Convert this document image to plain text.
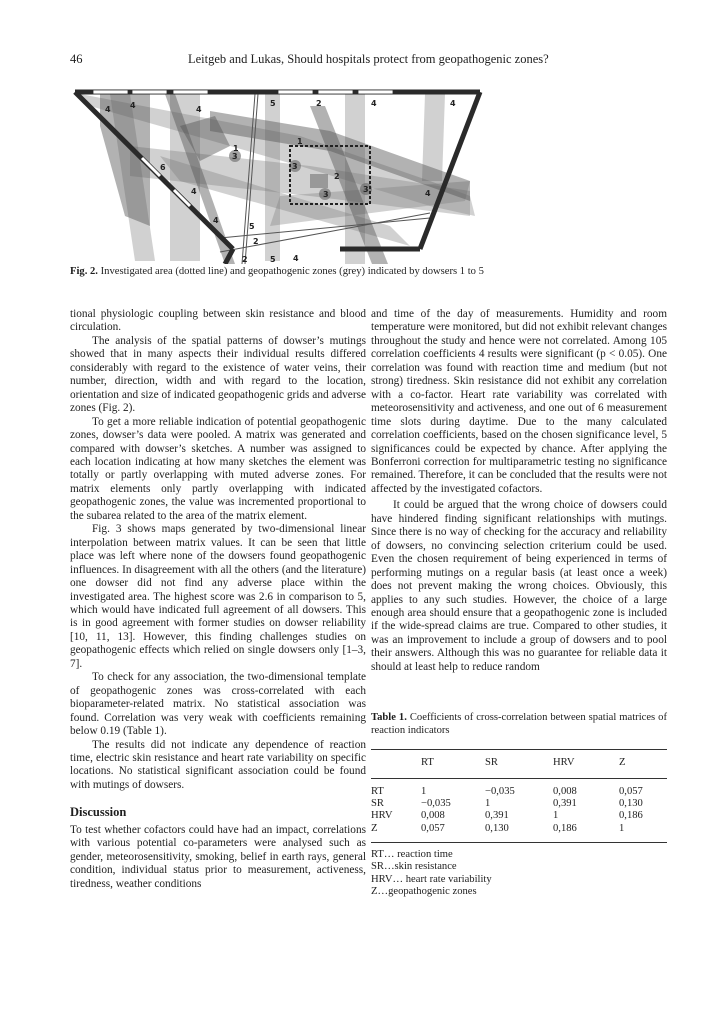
46	Leitgeb and Lukas, Should hospitals protect from geopathogenic zones?
4 4	4
5	2	4	4
1
3
1
3
2
3
3
6
4	4
4
5
2
2	5 4
Fig. 2. Investigated area (dotted line) and geopathogenic zones (grey) indicated by dowsers 1 to 5

tional physiologic coupling between skin resistance and blood circulation.

The analysis of the spatial patterns of dowser’s mutings showed that in many aspects their individual results differed considerably with regard to the existence of water veins, their number, direction, width and with regard to the location, orientation and size of indicated geopathogenic grids and adverse zones (Fig. 2).

To get a more reliable indication of potential geopathogenic zones, dowser’s data were pooled. A matrix was generated and compared with dowser’s sketches. A number was assigned to each location indicating at how many sketches the element was totally or partly overlapping with muted adverse zones. For matrix elements only partly overlapping with indicated geopathogenic zones, the value was incremented proportional to the subarea related to the area of the matrix element.

Fig. 3 shows maps generated by two-dimensional linear interpolation between matrix values. It can be seen that little place was left where none of the dowsers found geopathogenic influences. In disagreement with all the others (and the literature) one dowser did not find any adverse place within the investigated area. The highest score was 2.6 in comparison to 5, which would have indicated full agreement of all dowsers. This is in good agreement with former studies on dowser reliability [10, 11, 13]. However, this finding challenges studies on geopathogenic effects which relied on single dowsers only [1–3, 7].

To check for any association, the two-dimensional template of geopathogenic zones was cross-correlated with each bioparameter-related matrix. No statistical association was found. Correlation was very weak with coefficients remaining below 0.19 (Table 1).

The results did not indicate any dependence of reaction time, electric skin resistance and heart rate variability on specific locations. No statistical significant association could be found with mutings of dowsers.

Discussion

To test whether cofactors could have had an impact, correlations with various potential co-parameters were analysed such as gender, meteorosensitivity, smoking, belief in earth rays, general condition, individual status prior to measurement, activeness, tiredness, weather conditions

and time of the day of measurements. Humidity and room temperature were monitored, but did not exhibit relevant changes throughout the study and hence were not correlated. Among 105 correlation coefficients 4 results were significant (p < 0.05). One correlation was found with reaction time and medium (but not strong) tiredness. Skin resistance did not exhibit any correlation with a co-factor. Heart rate variability was correlated with meteorosensitivity and activeness, and one out of 6 measurement time slots during daytime. Due to the many calculated correlation coefficients, based on the chosen significance level, 5 significances could be expected by chance. After applying the Bonferroni correction for multiparametric testing no significance remained. Therefore, it can be concluded that the results were not affected by the investigated cofactors.

It could be argued that the wrong choice of dowsers could have hindered finding significant relationships with mutings. Since there is no way of checking for the accuracy and reliability of dowsers, no convincing selection criterium could be used. Even the chosen requirement of being experienced in terms of performing mutings on a regular basis (at least once a week) does not prevent making the wrong choices. Obviously, this applies to any such studies. However, the choice of a large enough area should ensure that a geopathogenic zone is included if the wide-spread claims are true. Compared to other studies, it was an improvement to include a group of dowsers and to pool their answers. Although this was no guarantee for reliable data it should at least help to reduce random

Table 1. Coefficients of cross-correlation between spatial matrices of reaction indicators
	RT	SR	HRV	Z
RT	1	−0,035	0,008	0,057
SR	−0,035	1	0,391	0,130
HRV	0,008	0,391	1	0,186
Z	0,057	0,130	0,186	1
RT… reaction time
SR…skin resistance
HRV… heart rate variability
Z…geopathogenic zones
